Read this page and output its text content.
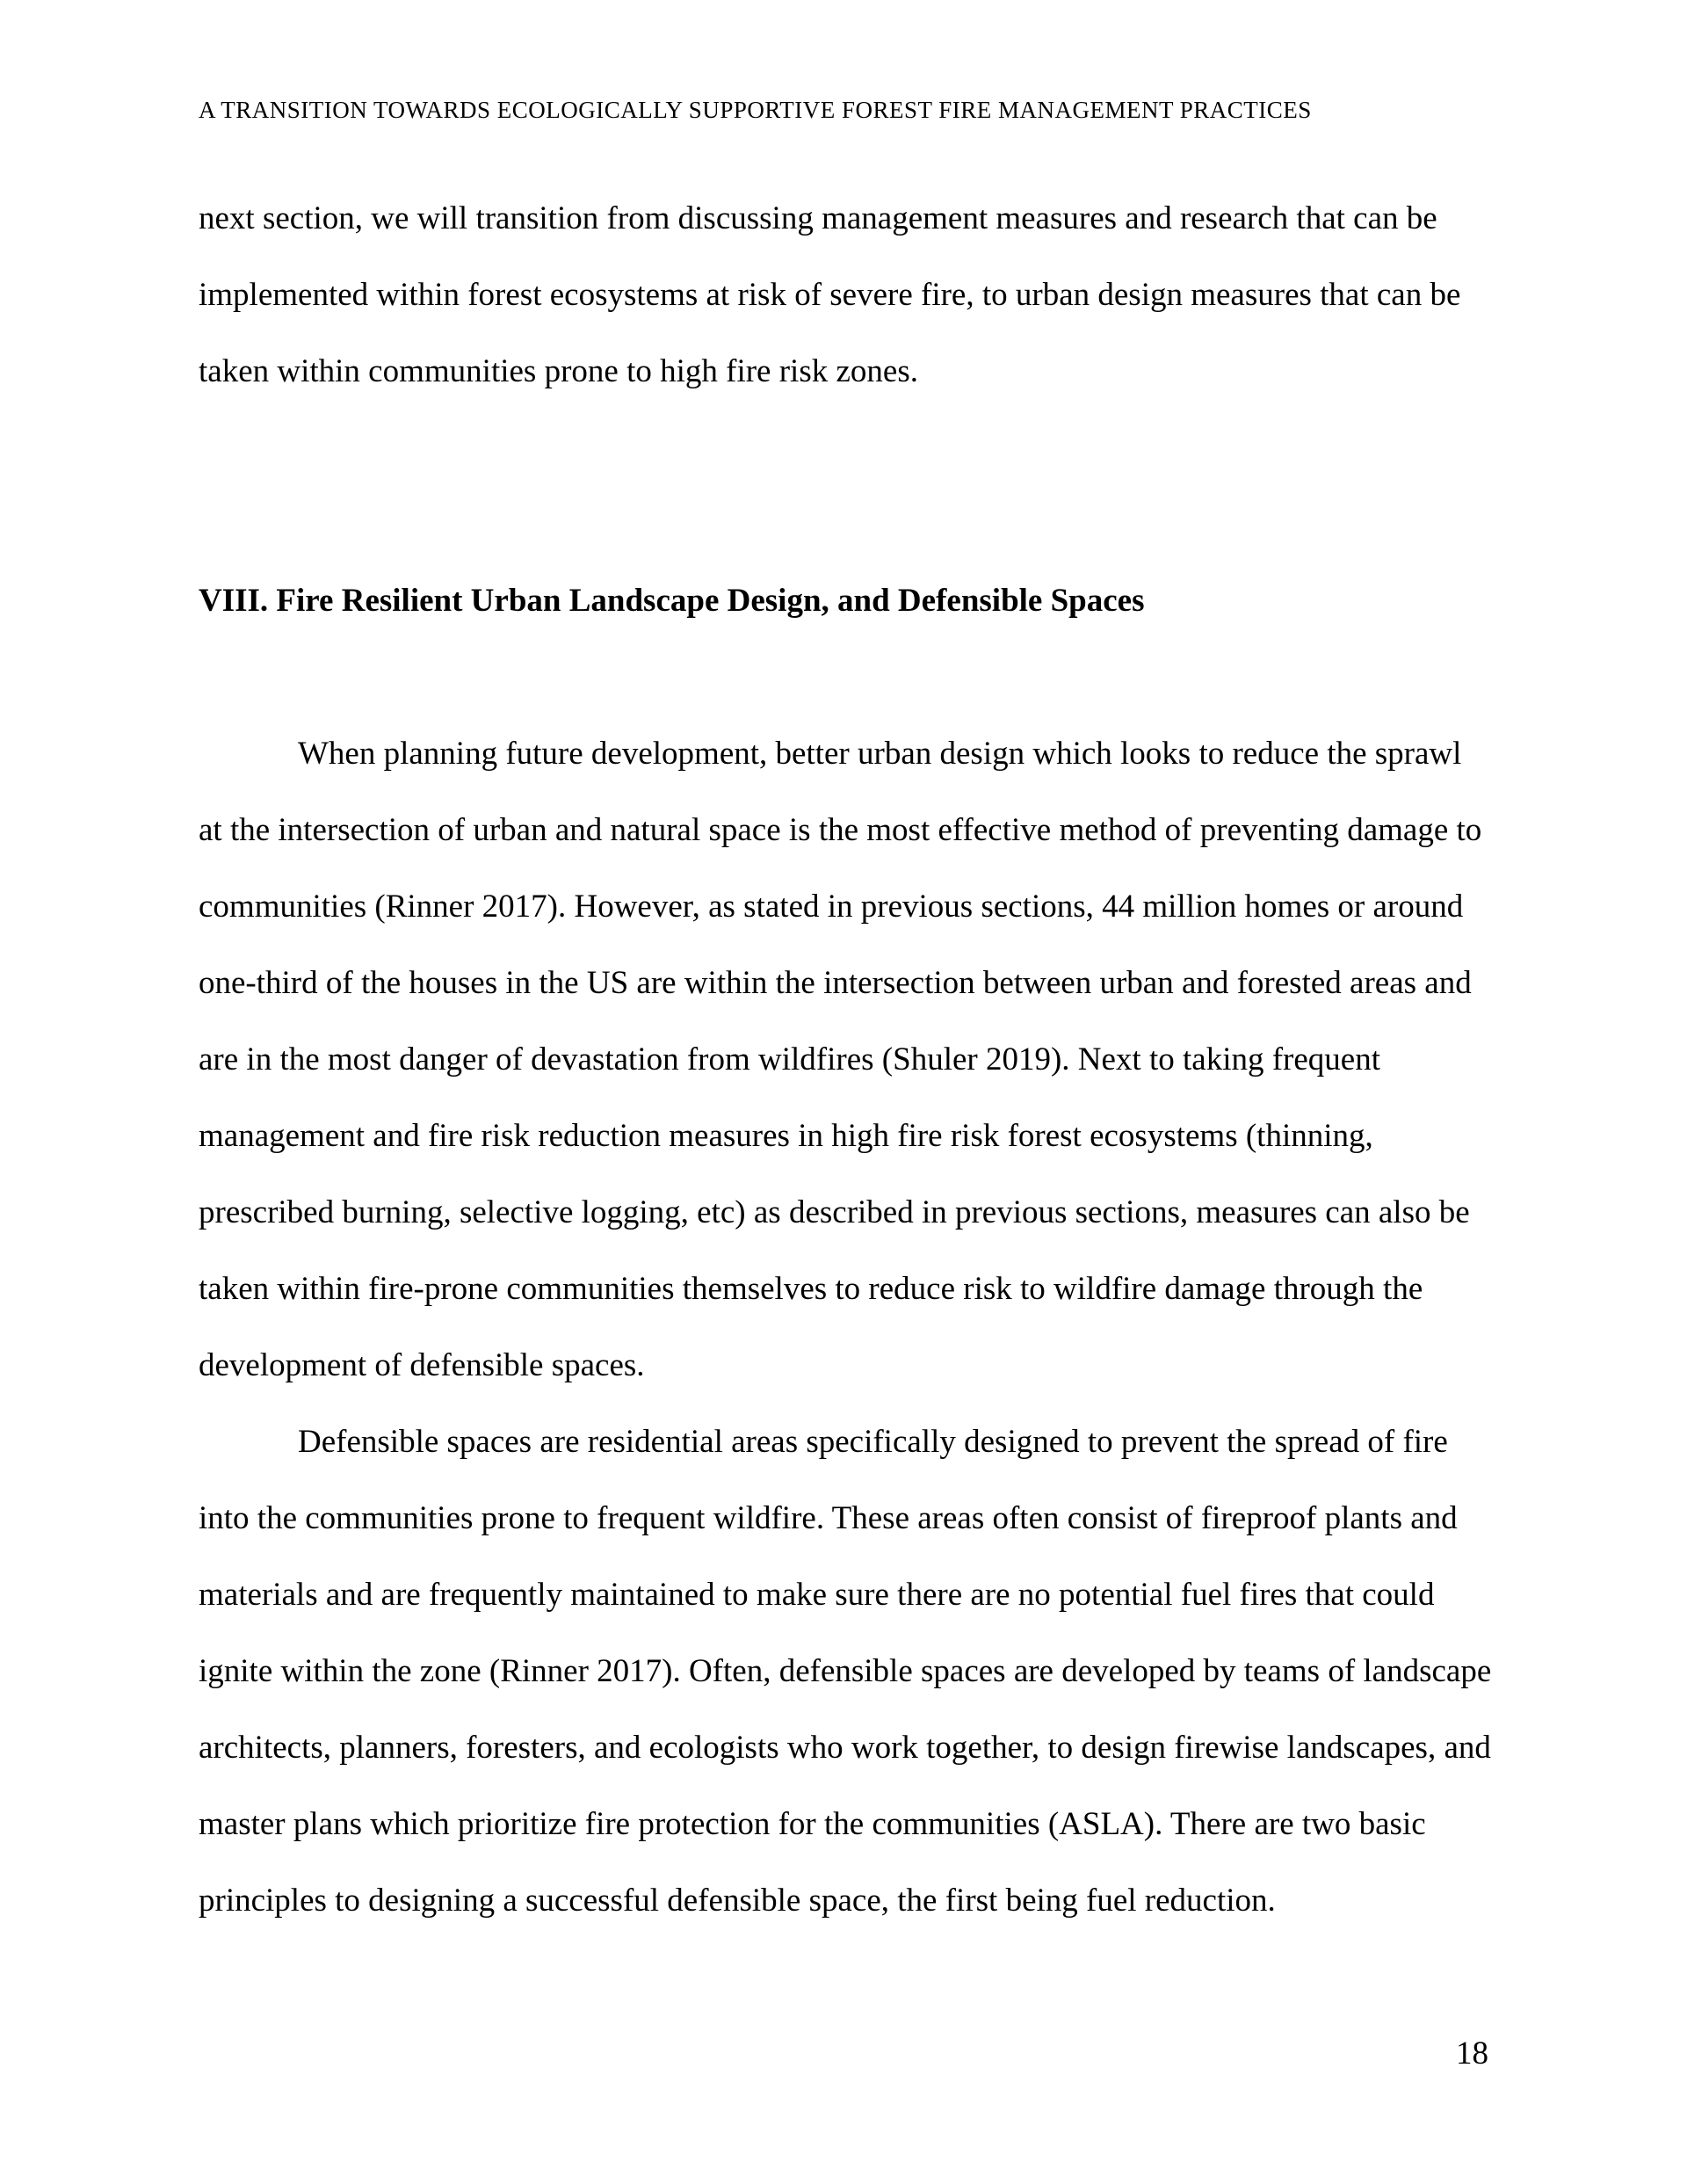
A TRANSITION TOWARDS ECOLOGICALLY SUPPORTIVE FOREST FIRE MANAGEMENT PRACTICES

next section, we will transition from discussing management measures and research that can be implemented within forest ecosystems at risk of severe fire, to urban design measures that can be taken within communities prone to high fire risk zones.

VIII. Fire Resilient Urban Landscape Design, and Defensible Spaces

When planning future development, better urban design which looks to reduce the sprawl at the intersection of urban and natural space is the most effective method of preventing damage to communities (Rinner 2017). However, as stated in previous sections, 44 million homes or around one-third of the houses in the US are within the intersection between urban and forested areas and are in the most danger of devastation from wildfires (Shuler 2019). Next to taking frequent management and fire risk reduction measures in high fire risk forest ecosystems (thinning, prescribed burning, selective logging, etc) as described in previous sections, measures can also be taken within fire-prone communities themselves to reduce risk to wildfire damage through the development of defensible spaces.

Defensible spaces are residential areas specifically designed to prevent the spread of fire into the communities prone to frequent wildfire. These areas often consist of fireproof plants and materials and are frequently maintained to make sure there are no potential fuel fires that could ignite within the zone (Rinner 2017). Often, defensible spaces are developed by teams of landscape architects, planners, foresters, and ecologists who work together, to design firewise landscapes, and master plans which prioritize fire protection for the communities (ASLA). There are two basic principles to designing a successful defensible space, the first being fuel reduction.

18
